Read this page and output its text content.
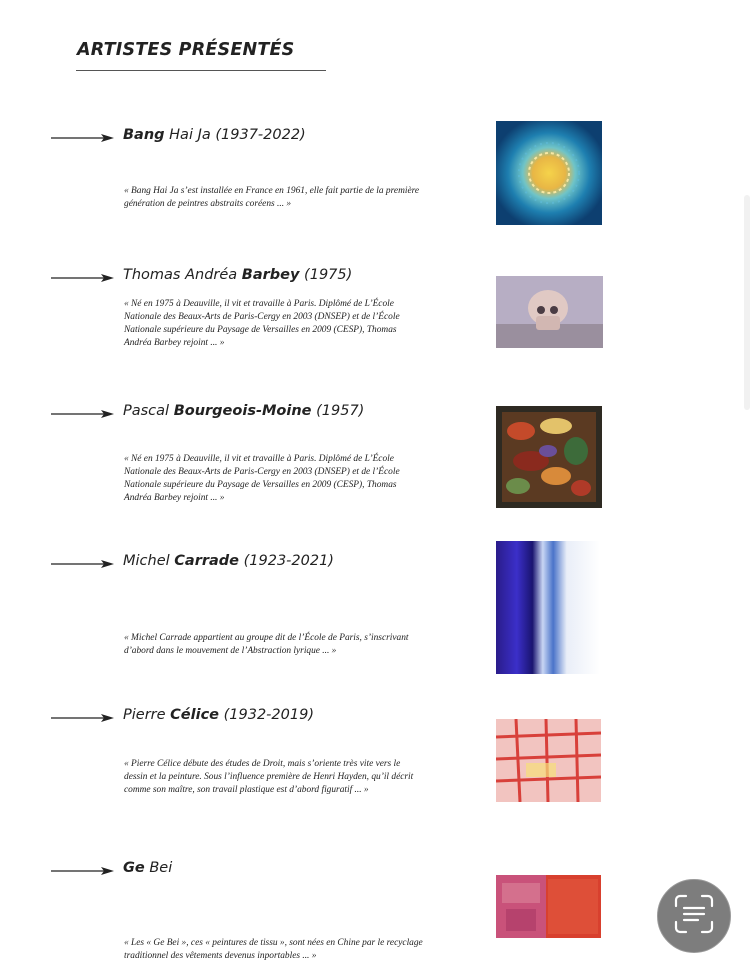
ARTISTES PRÉSENTÉS
Bang Hai Ja (1937-2022)
« Bang Hai Ja s’est installée en France en 1961, elle fait partie de la première génération de peintres abstraits coréens ... »
Thomas Andréa Barbey (1975)
« Né en 1975 à Deauville, il vit et travaille à Paris. Diplômé de L’École Nationale des Beaux-Arts de Paris-Cergy en 2003 (DNSEP) et de l’École Nationale supérieure du Paysage de Versailles en 2009 (CESP), Thomas Andréa Barbey rejoint ... »
Pascal Bourgeois-Moine (1957)
« Né en 1975 à Deauville, il vit et travaille à Paris. Diplômé de L’École Nationale des Beaux-Arts de Paris-Cergy en 2003 (DNSEP) et de l’École Nationale supérieure du Paysage de Versailles en 2009 (CESP), Thomas Andréa Barbey rejoint ... »
Michel Carrade (1923-2021)
« Michel Carrade appartient au groupe dit de l’École de Paris, s’inscrivant d’abord dans le mouvement de l’Abstraction lyrique ... »
Pierre Célice (1932-2019)
« Pierre Célice débute des études de Droit, mais s’oriente très vite vers le dessin et la peinture. Sous l’influence première de Henri Hayden, qu’il décrit comme son maître, son travail plastique est d’abord figuratif ... »
Ge Bei
« Les « Ge Bei », ces « peintures de tissu », sont nées en Chine par le recyclage traditionnel des vêtements devenus inportables ... »
